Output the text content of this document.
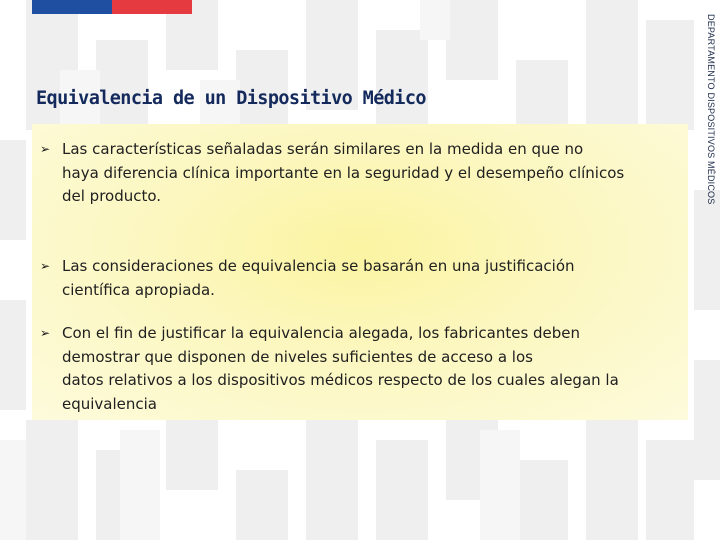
DEPARTAMENTO DISPOSITIVOS MÉDICOS
Equivalencia de un Dispositivo Médico
➢ Las características señaladas serán similares en la medida en que no
haya diferencia clínica importante en la seguridad y el desempeño clínicos
del producto.
➢ Las consideraciones de equivalencia se basarán en una justificación
científica apropiada.
➢ Con el fin de justificar la equivalencia alegada, los fabricantes deben
demostrar que disponen de niveles suficientes de acceso a los
datos relativos a los dispositivos médicos respecto de los cuales alegan la
equivalencia
